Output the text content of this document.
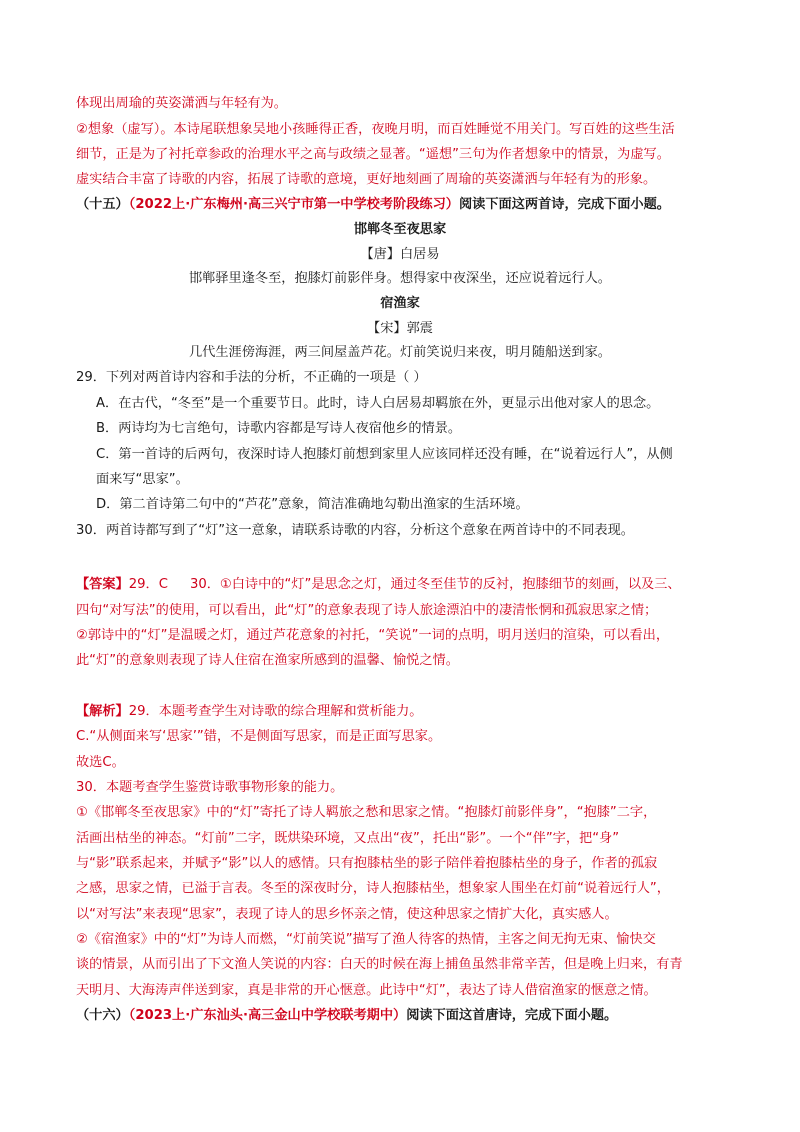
体现出周瑜的英姿潇洒与年轻有为。
②想象（虚写）。本诗尾联想象吴地小孩睡得正香，夜晚月明，而百姓睡觉不用关门。写百姓的这些生活
细节，正是为了衬托章参政的治理水平之高与政绩之显著。“遥想”三句为作者想象中的情景，为虚写。
虚实结合丰富了诗歌的内容，拓展了诗歌的意境，更好地刻画了周瑜的英姿潇洒与年轻有为的形象。
（十五）（2022上·广东梅州·高三兴宁市第一中学校考阶段练习）阅读下面这两首诗，完成下面小题。
邯郸冬至夜思家
【唐】白居易
邯郸驿里逢冬至，抱膝灯前影伴身。想得家中夜深坐，还应说着远行人。
宿渔家
【宋】郭震
几代生涯傍海涯，两三间屋盖芦花。灯前笑说归来夜，明月随船送到家。
29．下列对两首诗内容和手法的分析，不正确的一项是（ ）
A．在古代，“冬至”是一个重要节日。此时，诗人白居易却羁旅在外，更显示出他对家人的思念。
B．两诗均为七言绝句，诗歌内容都是写诗人夜宿他乡的情景。
C．第一首诗的后两句，夜深时诗人抱膝灯前想到家里人应该同样还没有睡，在“说着远行人”，从侧
面来写“思家”。
D．第二首诗第二句中的“芦花”意象，简洁准确地勾勒出渔家的生活环境。
30．两首诗都写到了“灯”这一意象，请联系诗歌的内容，分析这个意象在两首诗中的不同表现。
【答案】29．C 30．①白诗中的“灯”是思念之灯，通过冬至佳节的反衬，抱膝细节的刻画，以及三、
四句“对写法”的使用，可以看出，此“灯”的意象表现了诗人旅途漂泊中的凄清怅惘和孤寂思家之情；
②郭诗中的“灯”是温暖之灯，通过芦花意象的衬托，“笑说”一词的点明，明月送归的渲染，可以看出，
此“灯”的意象则表现了诗人住宿在渔家所感到的温馨、愉悦之情。
【解析】29．本题考查学生对诗歌的综合理解和赏析能力。
C.“从侧面来写‘思家’”错，不是侧面写思家，而是正面写思家。
故选C。
30．本题考查学生鉴赏诗歌事物形象的能力。
①《邯郸冬至夜思家》中的“灯”寄托了诗人羁旅之愁和思家之情。“抱膝灯前影伴身”，“抱膝”二字，
活画出枯坐的神态。“灯前”二字，既烘染环境，又点出“夜”，托出“影”。一个“伴”字，把“身”
与“影”联系起来，并赋予“影”以人的感情。只有抱膝枯坐的影子陪伴着抱膝枯坐的身子，作者的孤寂
之感，思家之情，已溢于言表。冬至的深夜时分，诗人抱膝枯坐，想象家人围坐在灯前“说着远行人”，
以“对写法”来表现“思家”，表现了诗人的思乡怀亲之情，使这种思家之情扩大化，真实感人。
②《宿渔家》中的“灯”为诗人而燃，“灯前笑说”描写了渔人待客的热情，主客之间无拘无束、愉快交
谈的情景，从而引出了下文渔人笑说的内容：白天的时候在海上捕鱼虽然非常辛苦，但是晚上归来，有青
天明月、大海涛声伴送到家，真是非常的开心惬意。此诗中“灯”，表达了诗人借宿渔家的惬意之情。
（十六）（2023上·广东汕头·高三金山中学校联考期中）阅读下面这首唐诗，完成下面小题。
